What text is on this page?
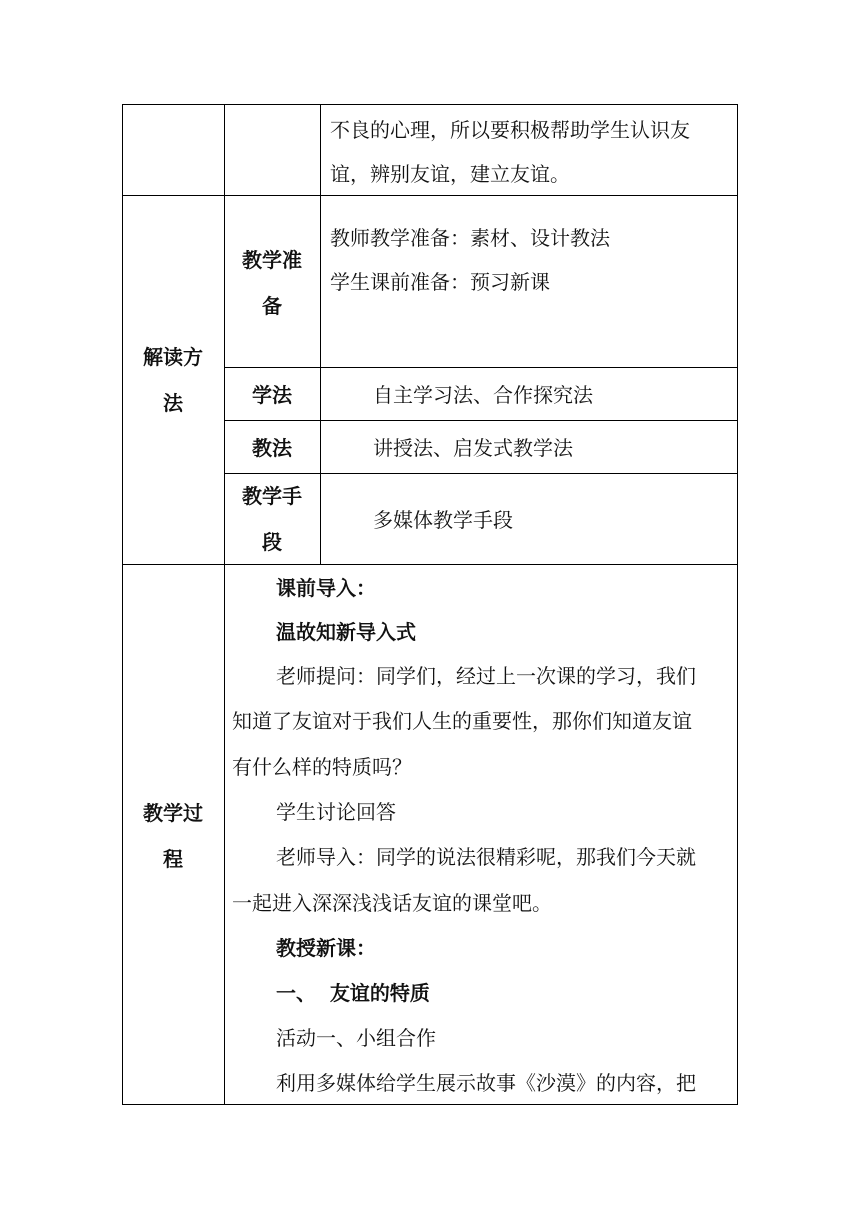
不良的心理，所以要积极帮助学生认识友
谊，辨别友谊，建立友谊。
解读方
法
教学准
备
教师教学准备：素材、设计教法
学生课前准备：预习新课
学法	自主学习法、合作探究法
教法	讲授法、启发式教学法
教学手
段
多媒体教学手段
教学过
程
课前导入：
温故知新导入式
老师提问：同学们，经过上一次课的学习，我们
知道了友谊对于我们人生的重要性，那你们知道友谊
有什么样的特质吗？
学生讨论回答
老师导入：同学的说法很精彩呢，那我们今天就
一起进入深深浅浅话友谊的课堂吧。
教授新课：
一、  友谊的特质
活动一、小组合作
利用多媒体给学生展示故事《沙漠》的内容，把
